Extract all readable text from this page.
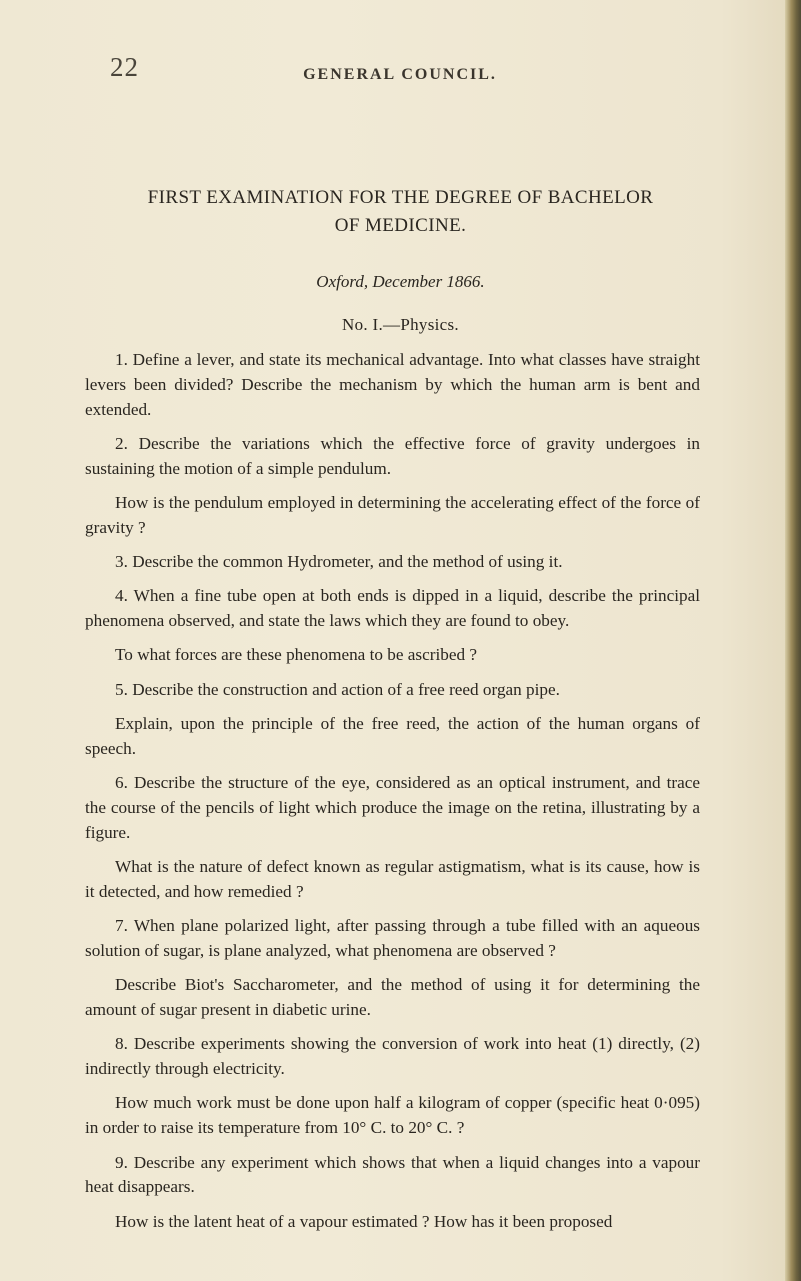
22	GENERAL COUNCIL.
FIRST EXAMINATION FOR THE DEGREE OF BACHELOR
OF MEDICINE.
Oxford, December 1866.
No. I.—Physics.

1. Define a lever, and state its mechanical advantage. Into what classes have straight levers been divided? Describe the mechanism by which the human arm is bent and extended.

2. Describe the variations which the effective force of gravity undergoes in sustaining the motion of a simple pendulum.

How is the pendulum employed in determining the accelerating effect of the force of gravity ?

3. Describe the common Hydrometer, and the method of using it.

4. When a fine tube open at both ends is dipped in a liquid, describe the principal phenomena observed, and state the laws which they are found to obey.

To what forces are these phenomena to be ascribed ?

5. Describe the construction and action of a free reed organ pipe.

Explain, upon the principle of the free reed, the action of the human organs of speech.

6. Describe the structure of the eye, considered as an optical instrument, and trace the course of the pencils of light which produce the image on the retina, illustrating by a figure.

What is the nature of defect known as regular astigmatism, what is its cause, how is it detected, and how remedied ?

7. When plane polarized light, after passing through a tube filled with an aqueous solution of sugar, is plane analyzed, what phenomena are observed ?

Describe Biot's Saccharometer, and the method of using it for determining the amount of sugar present in diabetic urine.

8. Describe experiments showing the conversion of work into heat (1) directly, (2) indirectly through electricity.

How much work must be done upon half a kilogram of copper (specific heat 0·095) in order to raise its temperature from 10° C. to 20° C. ?

9. Describe any experiment which shows that when a liquid changes into a vapour heat disappears.

How is the latent heat of a vapour estimated ? How has it been proposed
